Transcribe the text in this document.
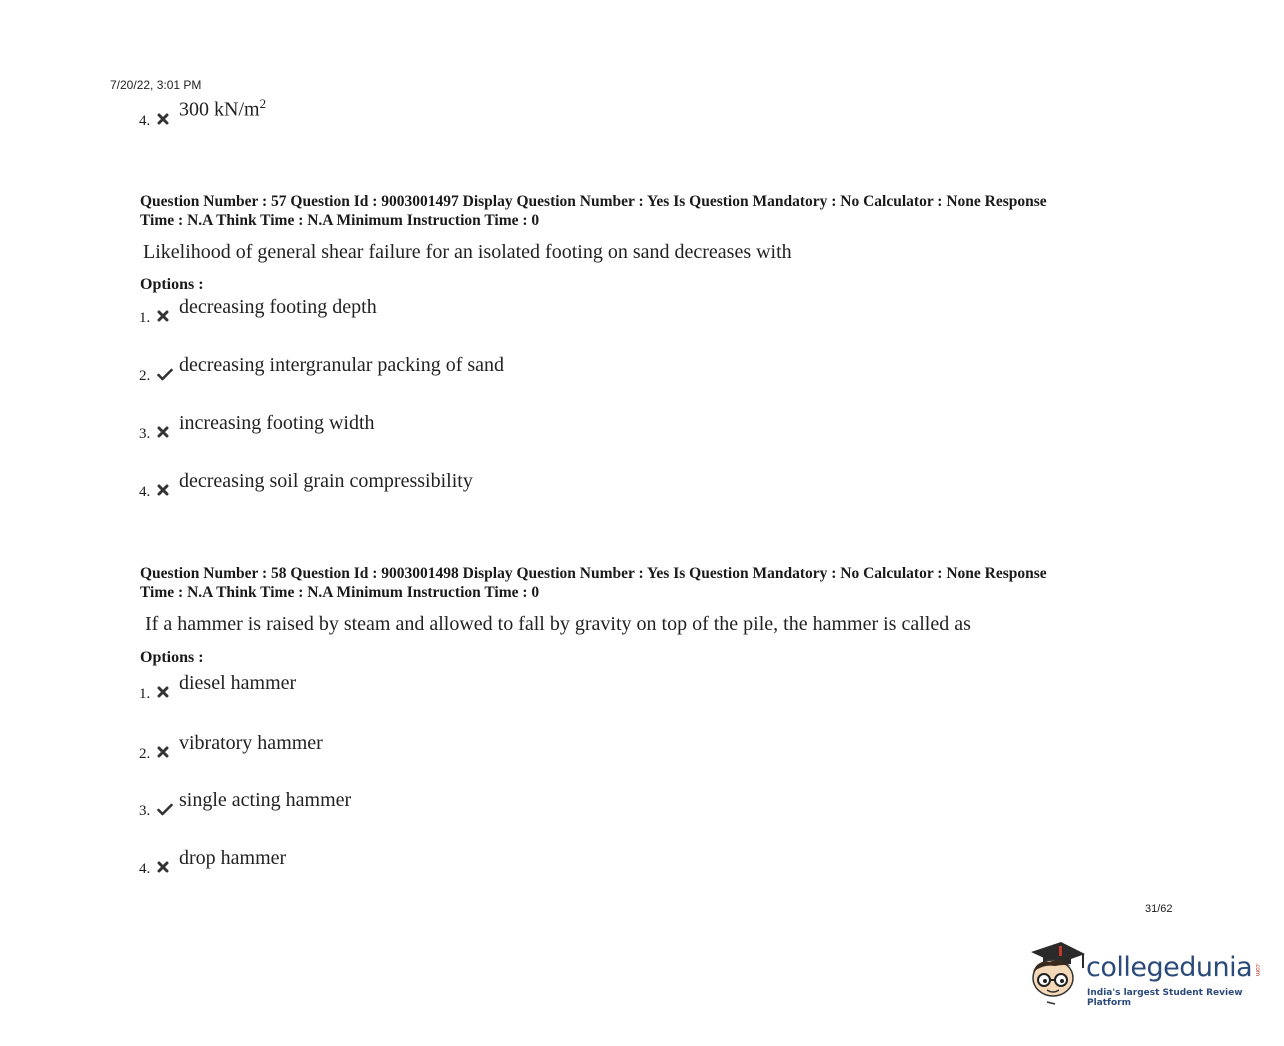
7/20/22, 3:01 PM
4.	300 $kN/m^2$
Question Number : 57 Question Id : 9003001497 Display Question Number : Yes Is Question Mandatory : No Calculator : None Response
Time : N.A Think Time : N.A Minimum Instruction Time : 0
Likelihood of general shear failure for an isolated footing on sand decreases with
Options :
1.	decreasing footing depth
2.	decreasing intergranular packing of sand
3.	increasing footing width
4.	decreasing soil grain compressibility
Question Number : 58 Question Id : 9003001498 Display Question Number : Yes Is Question Mandatory : No Calculator : None Response
Time : N.A Think Time : N.A Minimum Instruction Time : 0
If a hammer is raised by steam and allowed to fall by gravity on top of the pile, the hammer is called as
Options :
1.	diesel hammer
2.	vibratory hammer
3.	single acting hammer
4.	drop hammer
31/62
collegedunia .com
India's largest Student Review Platform
